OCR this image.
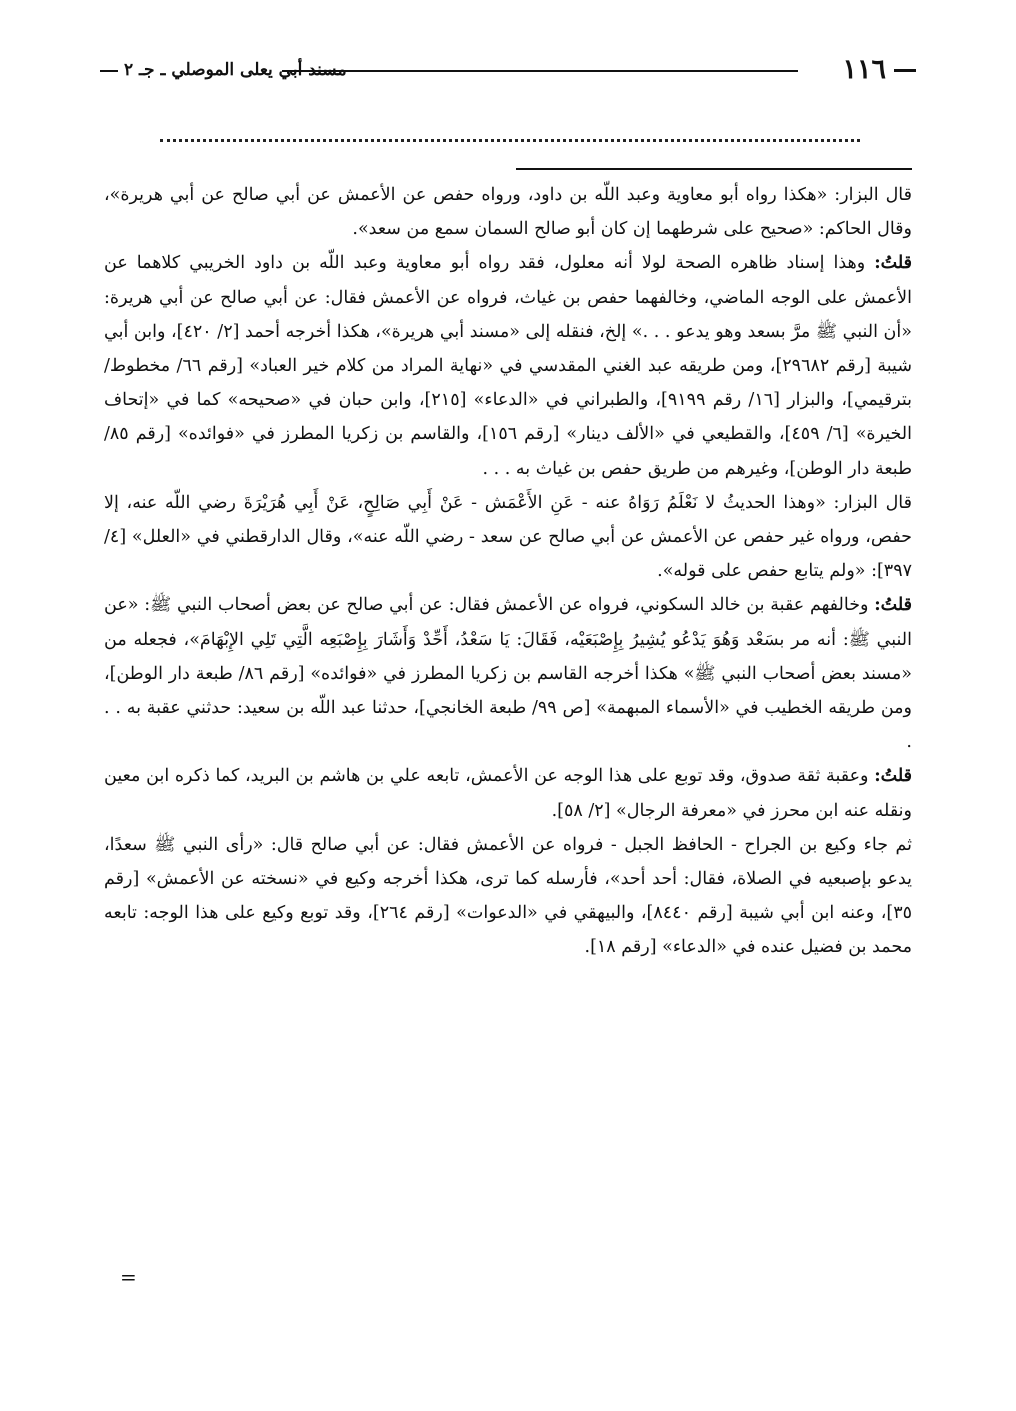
١١٦
مسند أبي يعلى الموصلي ـ جـ ٢

قال البزار: «هكذا رواه أبو معاوية وعبد اللّه بن داود، ورواه حفص عن الأعمش عن أبي صالح عن أبي هريرة»، وقال الحاكم: «صحيح على شرطهما إن كان أبو صالح السمان سمع من سعد».

قلتُ: وهذا إسناد ظاهره الصحة لولا أنه معلول، فقد رواه أبو معاوية وعبد اللّه بن داود الخريبي كلاهما عن الأعمش على الوجه الماضي، وخالفهما حفص بن غياث، فرواه عن الأعمش فقال: عن أبي صالح عن أبي هريرة: «أن النبي ﷺ مرَّ بسعد وهو يدعو . . .» إلخ، فنقله إلى «مسند أبي هريرة»، هكذا أخرجه أحمد [٢/ ٤٢٠]، وابن أبي شيبة [رقم ٢٩٦٨٢]، ومن طريقه عبد الغني المقدسي في «نهاية المراد من كلام خير العباد» [رقم ٦٦/ مخطوط/ بترقيمي]، والبزار [١٦/ رقم ٩١٩٩]، والطبراني في «الدعاء» [٢١٥]، وابن حبان في «صحيحه» كما في «إتحاف الخيرة» [٦/ ٤٥٩]، والقطيعي في «الألف دينار» [رقم ١٥٦]، والقاسم بن زكريا المطرز في «فوائده» [رقم ٨٥/ طبعة دار الوطن]، وغيرهم من طريق حفص بن غياث به . . .

قال البزار: «وهذا الحديثُ لا نَعْلَمُ رَوَاهُ عنه - عَنِ الأَعْمَش - عَنْ أَبِي صَالِحٍ، عَنْ أَبِي هُرَيْرَةَ رضي اللّه عنه، إلا حفص، ورواه غير حفص عن الأعمش عن أبي صالح عن سعد - رضي اللّه عنه»، وقال الدارقطني في «العلل» [٤/ ٣٩٧]: «ولم يتابع حفص على قوله».

قلتُ: وخالفهم عقبة بن خالد السكوني، فرواه عن الأعمش فقال: عن أبي صالح عن بعض أصحاب النبي ﷺ: «عن النبي ﷺ: أنه مر بسَعْد وَهُوَ يَدْعُو يُشِيرُ بِإِصْبَعَيْه، فَقَالَ: يَا سَعْدُ، أَحِّدْ وَأَشَارَ بِإِصْبَعِه الَّتِي تَلِي الإِبْهَامَ»، فجعله من «مسند بعض أصحاب النبي ﷺ» هكذا أخرجه القاسم بن زكريا المطرز في «فوائده» [رقم ٨٦/ طبعة دار الوطن]، ومن طريقه الخطيب في «الأسماء المبهمة» [ص ٩٩/ طبعة الخانجي]، حدثنا عبد اللّه بن سعيد: حدثني عقبة به . . .

قلتُ: وعقبة ثقة صدوق، وقد توبع على هذا الوجه عن الأعمش، تابعه علي بن هاشم بن البريد، كما ذكره ابن معين ونقله عنه ابن محرز في «معرفة الرجال» [٢/ ٥٨].

ثم جاء وكيع بن الجراح - الحافظ الجبل - فرواه عن الأعمش فقال: عن أبي صالح قال: «رأى النبي ﷺ سعدًا، يدعو بإصبعيه في الصلاة، فقال: أحد أحد»، فأرسله كما ترى، هكذا أخرجه وكيع في «نسخته عن الأعمش» [رقم ٣٥]، وعنه ابن أبي شيبة [رقم ٨٤٤٠]، والبيهقي في «الدعوات» [رقم ٢٦٤]، وقد توبع وكيع على هذا الوجه: تابعه محمد بن فضيل عنده في «الدعاء» [رقم ١٨].

=
